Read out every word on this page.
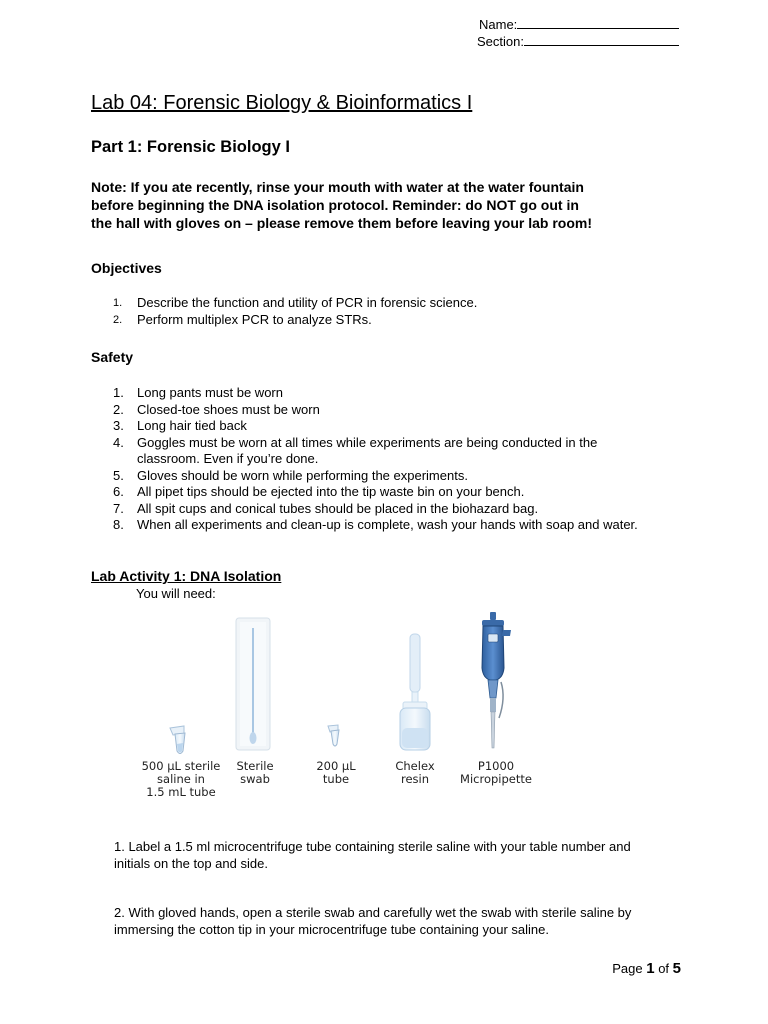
Name:
Section:
Lab 04: Forensic Biology & Bioinformatics I
Part 1: Forensic Biology I

Note: If you ate recently, rinse your mouth with water at the water fountain

before beginning the DNA isolation protocol. Reminder: do NOT go out in

the hall with gloves on – please remove them before leaving your lab room!

Objectives
1. Describe the function and utility of PCR in forensic science.
2. Perform multiplex PCR to analyze STRs.
Safety
1. Long pants must be worn
2. Closed-toe shoes must be worn
3. Long hair tied back
4. Goggles must be worn at all times while experiments are being conducted in the
classroom. Even if you’re done.
5. Gloves should be worn while performing the experiments.
6. All pipet tips should be ejected into the tip waste bin on your bench.
7. All spit cups and conical tubes should be placed in the biohazard bag.
8. When all experiments and clean-up is complete, wash your hands with soap and water.
Lab Activity 1: DNA Isolation
You will need:
500 µL sterile
saline in
1.5 mL tube
Sterile
swab
200 µL
tube
Chelex
resin
P1000
Micropipette

1. Label a 1.5 ml microcentrifuge tube containing sterile saline with your table number and

initials on the top and side.

2. With gloved hands, open a sterile swab and carefully wet the swab with sterile saline by

immersing the cotton tip in your microcentrifuge tube containing your saline.

Page 1 of 5
